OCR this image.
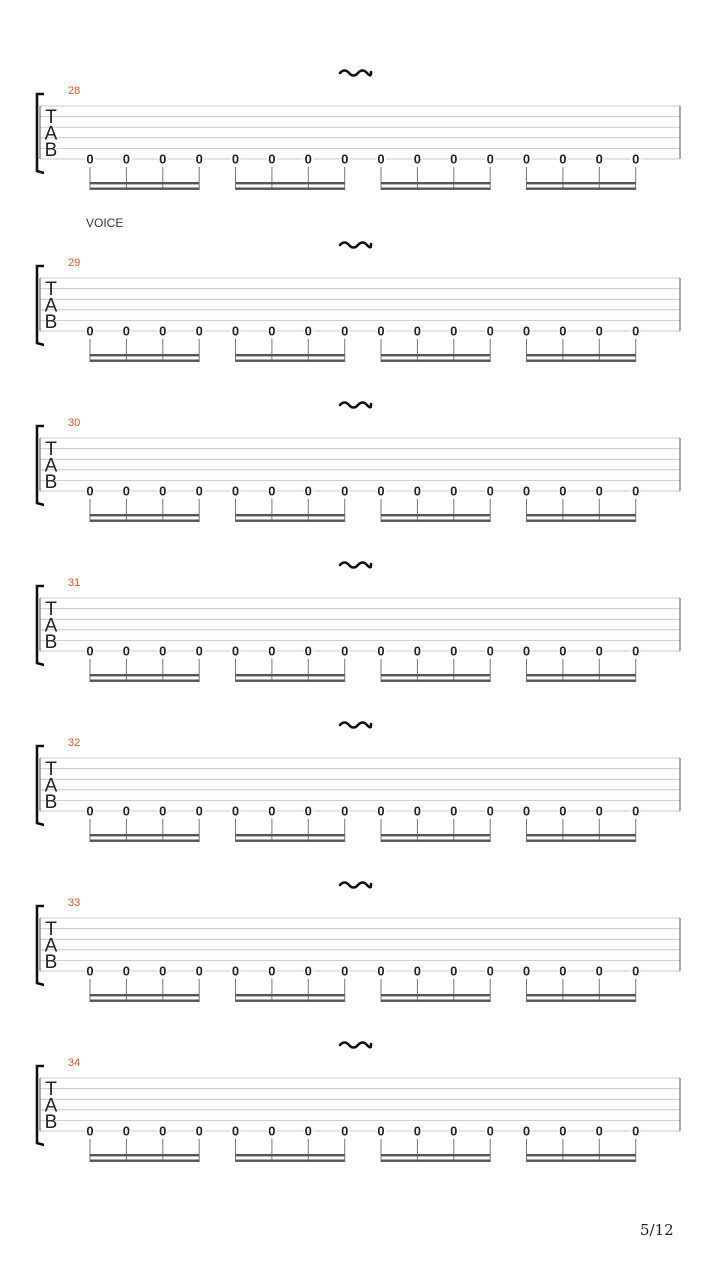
28
T
A
B 0 0 0 0 0 0 0 0 0 0 0 0 0 0 0 0
VOICE
29
T
A
B 0 0 0 0 0 0 0 0 0 0 0 0 0 0 0 0
30
T
A
B 0 0 0 0 0 0 0 0 0 0 0 0 0 0 0 0
31
T
A
B 0 0 0 0 0 0 0 0 0 0 0 0 0 0 0 0
32
T
A
B 0 0 0 0 0 0 0 0 0 0 0 0 0 0 0 0
33
T
A
B 0 0 0 0 0 0 0 0 0 0 0 0 0 0 0 0
34
T
A
B 0 0 0 0 0 0 0 0 0 0 0 0 0 0 0 0
5/12
